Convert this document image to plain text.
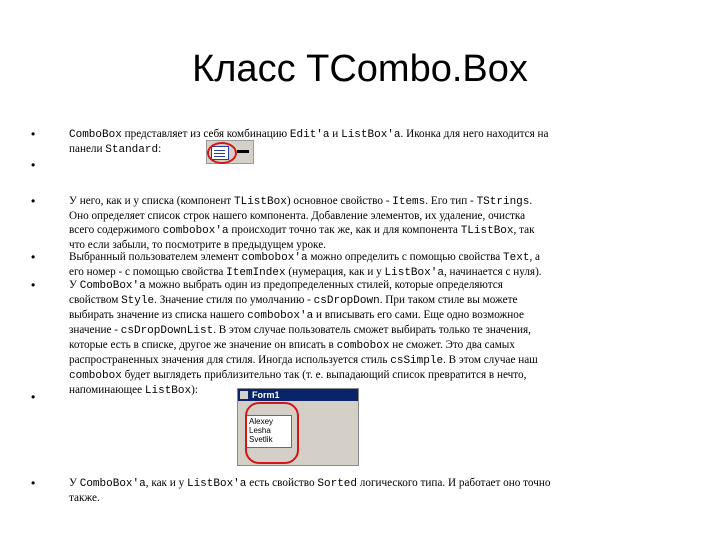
Класс TCombo.Box
•
•
•
•
•
•
•
ComboBox представляет из себя комбинацию Edit'а и ListBox'а. Иконка для него находится на
панели Standard:
У него, как и у списка (компонент TListBox) основное свойство - Items. Его тип - TStrings.
Оно определяет список строк нашего компонента. Добавление элементов, их удаление, очистка
всего содержимого combobox'а происходит точно так же, как и для компонента TListBox, так
что если забыли, то посмотрите в предыдущем уроке.
Выбранный пользователем элемент combobox'а можно определить с помощью свойства Text, а
его номер - с помощью свойства ItemIndex (нумерация, как и у ListBox'а, начинается с нуля).
У ComboBox'а можно выбрать один из предопределенных стилей, которые определяются
свойством Style. Значение стиля по умолчанию - csDropDown. При таком стиле вы можете
выбирать значение из списка нашего combobox'а и вписывать его сами. Еще одно возможное
значение - csDropDownList. В этом случае пользователь сможет выбирать только те значения,
которые есть в списке, другое же значение он вписать в combobox не сможет. Это два самых
распространенных значения для стиля. Иногда используется стиль csSimple. В этом случае наш
combobox будет выглядеть приблизительно так (т. е. выпадающий список превратится в нечто,
напоминающее ListBox):	Form1
Alexey
Lesha
Svetlik
У ComboBox'а, как и у ListBox'а есть свойство Sorted логического типа. И работает оно точно
также.
